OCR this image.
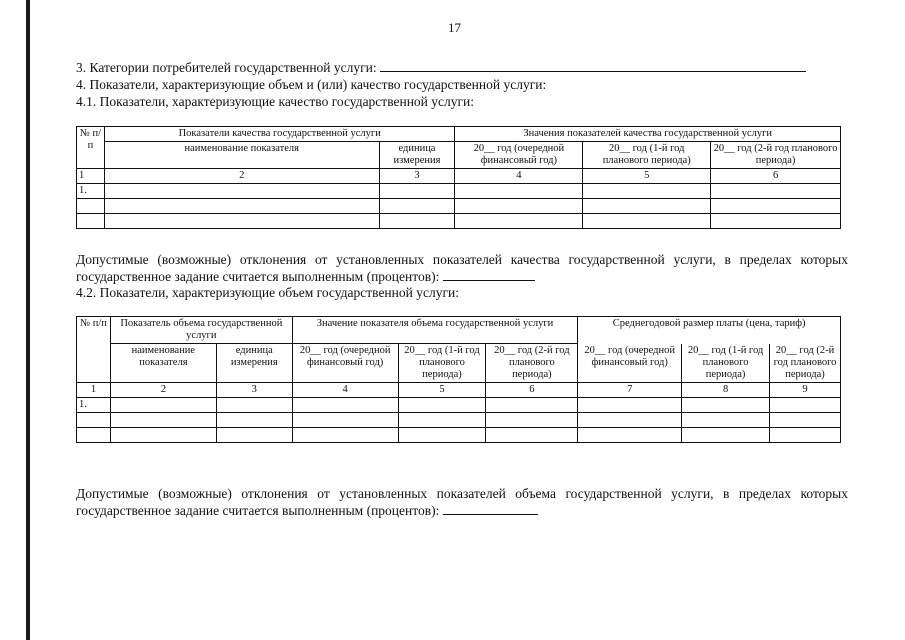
17
3. Категории потребителей государственной услуги:
4. Показатели, характеризующие объем и (или) качество государственной услуги:
4.1. Показатели, характеризующие качество государственной услуги:
№ п/п	Показатели качества государственной услуги		Значения показателей качества государственной услуги		
	наименование показателя	единица измерения	20__ год (очередной финансовый год)	20__ год (1-й год планового периода)	20__ год (2-й год планового периода)
1	2	3	4	5	6
1.					

Допустимые (возможные) отклонения от установленных показателей качества государственной услуги, в пределах которых государственное задание считается выполненным (процентов):
4.2. Показатели, характеризующие объем государственной услуги:
№ п/п	Показатель объема государственной услуги		Значение показателя объема государственной услуги			Среднегодовой размер платы (цена, тариф)		
	наименование показателя	единица измерения	20__ год (очередной финансовый год)	20__ год (1-й год планового периода)	20__ год (2-й год планового периода)	20__ год (очередной финансовый год)	20__ год (1-й год планового периода)	20__ год (2-й год планового периода)
1	2	3	4	5	6	7	8	9
1.								

Допустимые (возможные) отклонения от установленных показателей объема государственной услуги, в пределах которых государственное задание считается выполненным (процентов):
